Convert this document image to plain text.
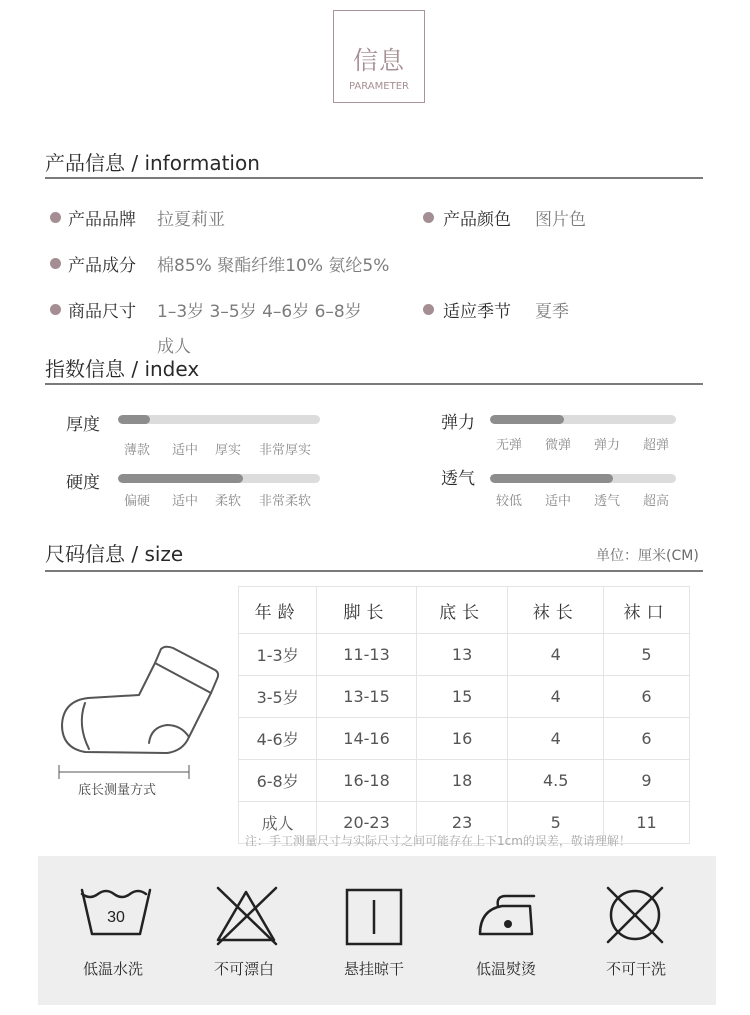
信息
PARAMETER
产品信息 / information
产品品牌 拉夏莉亚	产品颜色 图片色
产品成分 棉85% 聚酯纤维10% 氨纶5%
商品尺寸 1–3岁 3–5岁 4–6岁 6–8岁
成人
适应季节 夏季
指数信息 / index
厚度
薄款 适中 厚实 非常厚实
硬度
偏硬 适中 柔软 非常柔软
弹力
无弹 微弹 弹力 超弹
透气
较低 适中 透气 超高
尺码信息 / size	单位：厘米(CM)
底长测量方式
年龄	脚长	底长	袜长	袜口
1-3岁	11-13	13	4	5
3-5岁	13-15	15	4	6
4-6岁	14-16	16	4	6
6-8岁	16-18	18	4.5	9
成人	20-23	23	5	11
注：手工测量尺寸与实际尺寸之间可能存在上下1cm的误差，敬请理解！
30
低温水洗	不可漂白	悬挂晾干	低温熨烫	不可干洗
